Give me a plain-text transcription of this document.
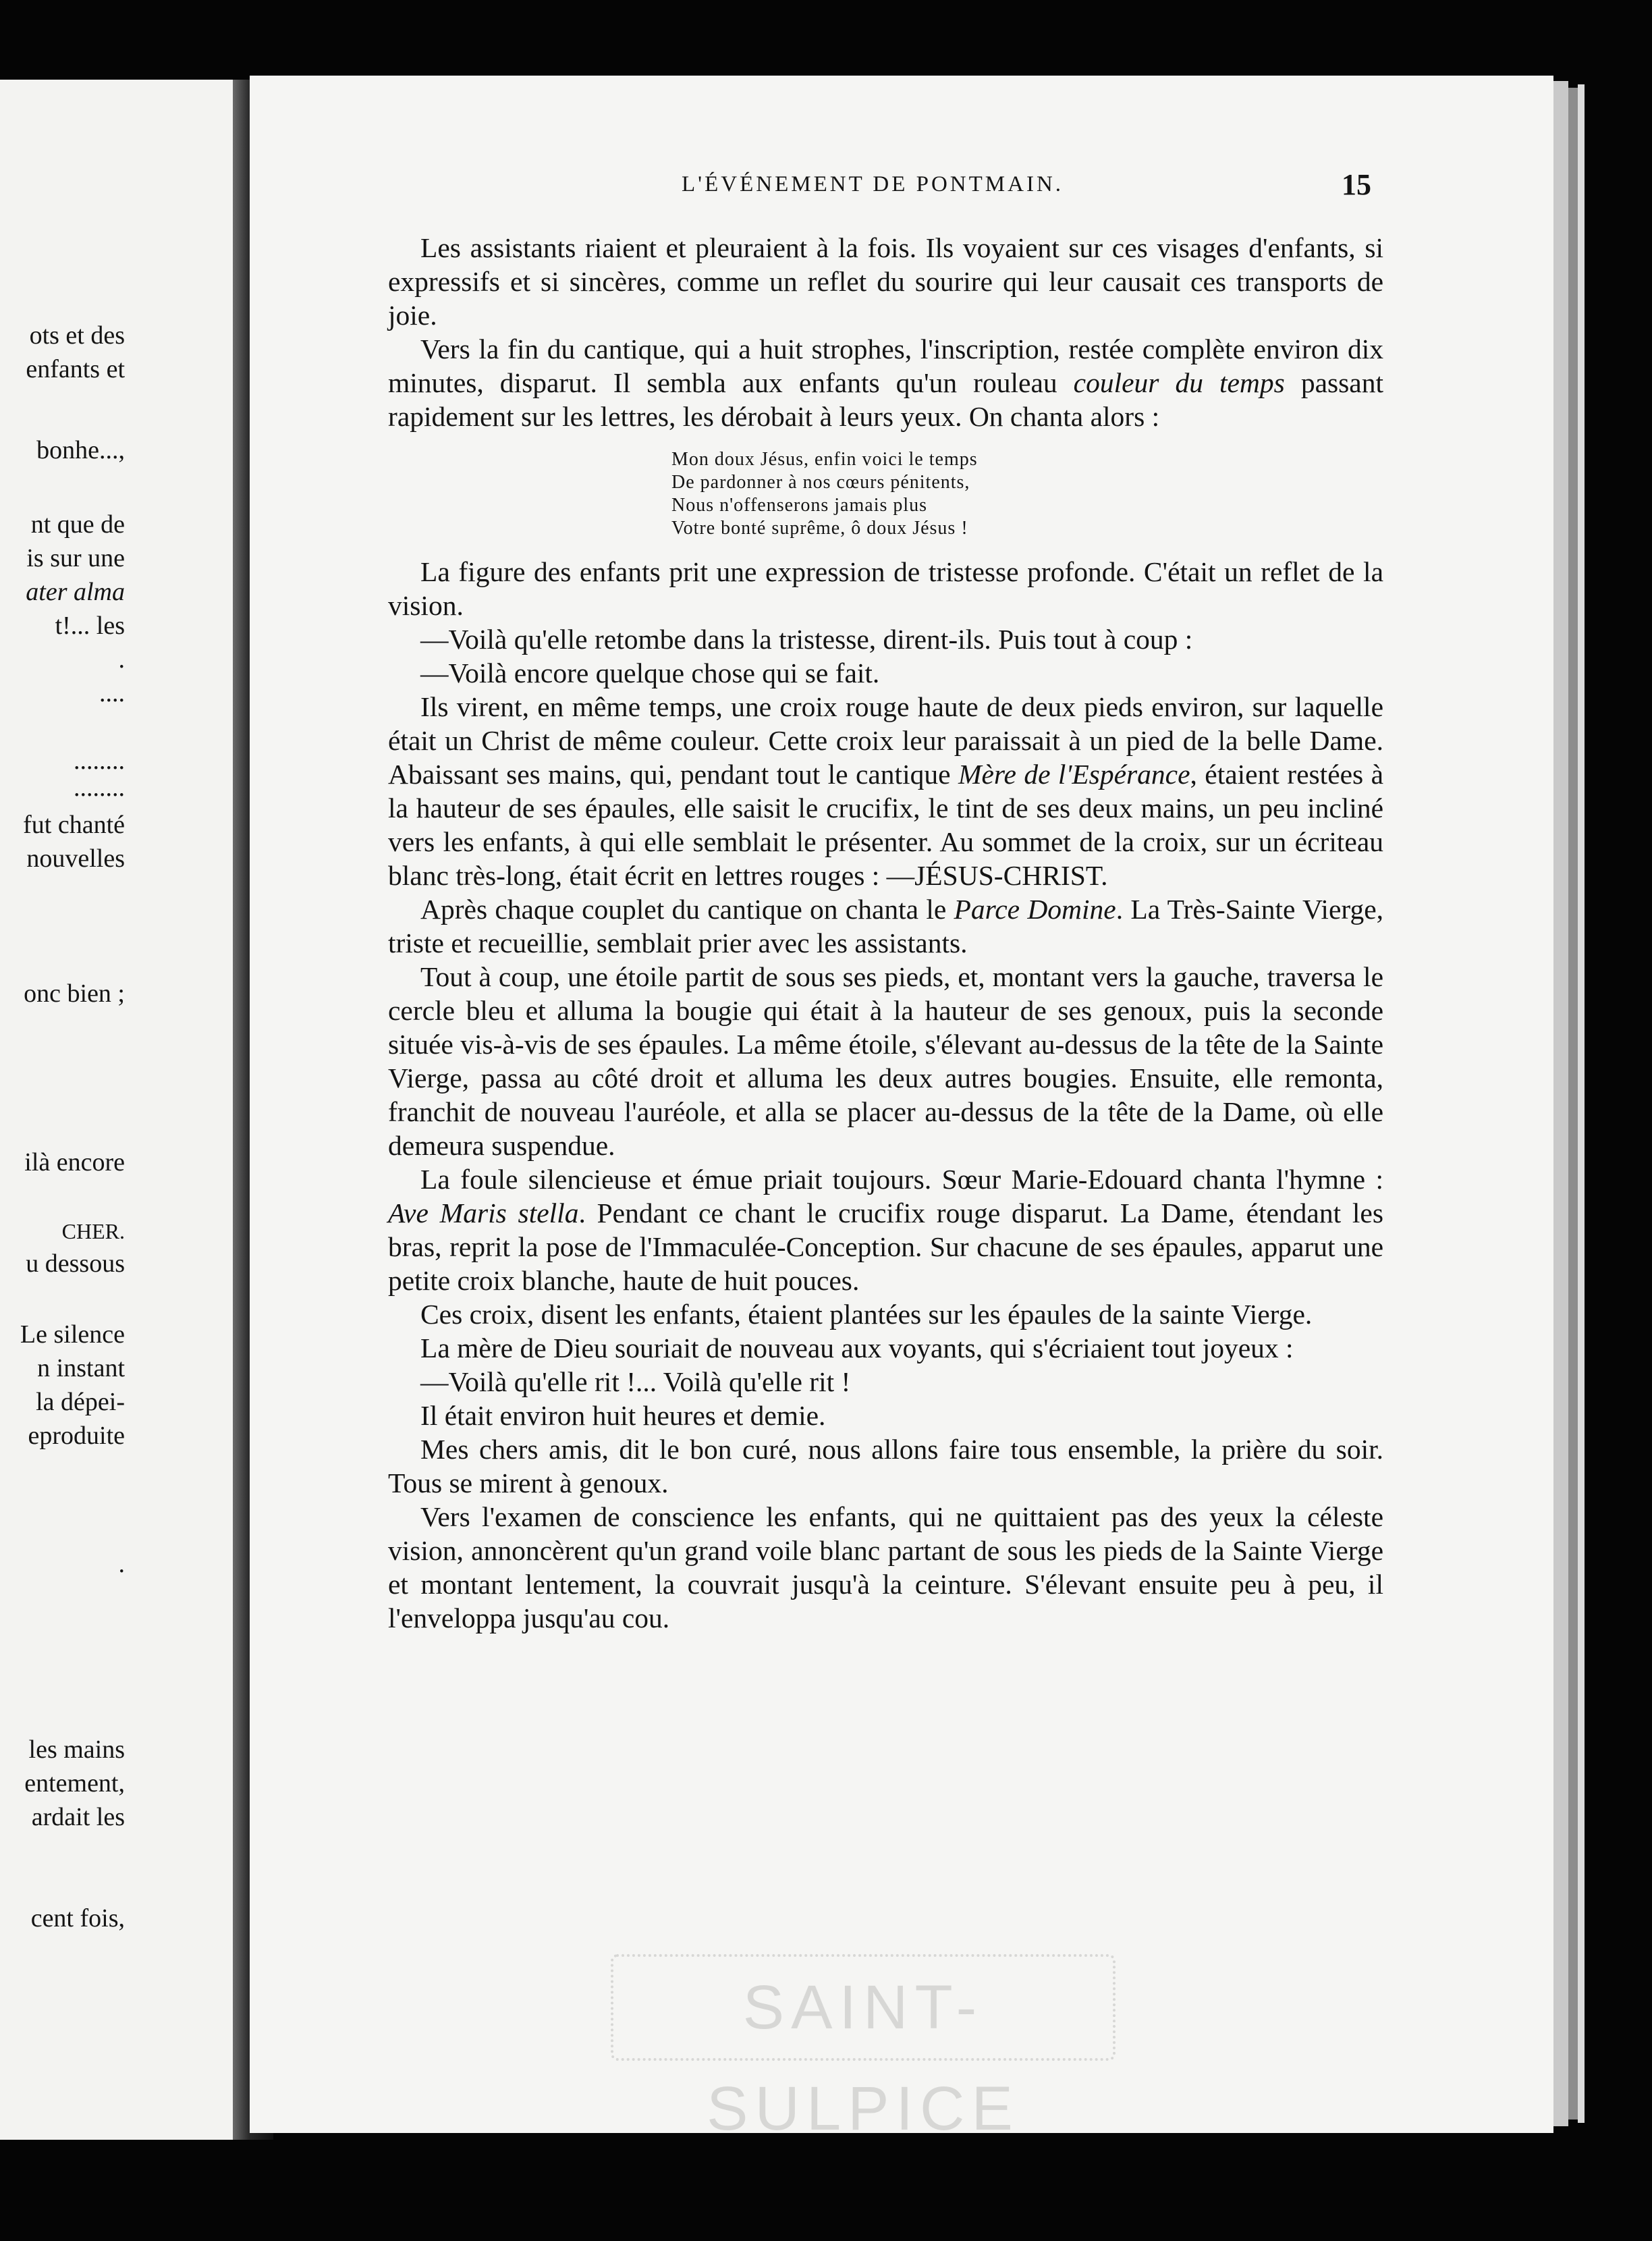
ots et des
enfants et
bonhe...,
nt que de
is sur une
ater alma
t!... les
.
....
........
........
fut chanté
nouvelles
onc bien ;
ilà encore
CHER.
u dessous
Le silence
n instant
la dépei-
eproduite
.
les mains
entement,
ardait les
cent fois,
L'ÉVÉNEMENT DE PONTMAIN.	15

Les assistants riaient et pleuraient à la fois. Ils voyaient sur ces visages d'enfants, si expressifs et si sincères, comme un reflet du sourire qui leur causait ces transports de joie.

Vers la fin du cantique, qui a huit strophes, l'inscription, restée complète environ dix minutes, disparut. Il sembla aux enfants qu'un rouleau couleur du temps passant rapidement sur les lettres, les dérobait à leurs yeux. On chanta alors :

Mon doux Jésus, enfin voici le temps
De pardonner à nos cœurs pénitents,
Nous n'offenserons jamais plus
Votre bonté suprême, ô doux Jésus !

La figure des enfants prit une expression de tristesse profonde. C'était un reflet de la vision.

—Voilà qu'elle retombe dans la tristesse, dirent-ils. Puis tout à coup :

—Voilà encore quelque chose qui se fait.

Ils virent, en même temps, une croix rouge haute de deux pieds environ, sur laquelle était un Christ de même couleur. Cette croix leur paraissait à un pied de la belle Dame. Abaissant ses mains, qui, pendant tout le cantique Mère de l'Espérance, étaient restées à la hauteur de ses épaules, elle saisit le crucifix, le tint de ses deux mains, un peu incliné vers les enfants, à qui elle semblait le présenter. Au sommet de la croix, sur un écriteau blanc très-long, était écrit en lettres rouges : —JÉSUS-CHRIST.

Après chaque couplet du cantique on chanta le Parce Domine. La Très-Sainte Vierge, triste et recueillie, semblait prier avec les assistants.

Tout à coup, une étoile partit de sous ses pieds, et, montant vers la gauche, traversa le cercle bleu et alluma la bougie qui était à la hauteur de ses genoux, puis la seconde située vis-à-vis de ses épaules. La même étoile, s'élevant au-dessus de la tête de la Sainte Vierge, passa au côté droit et alluma les deux autres bougies. Ensuite, elle remonta, franchit de nouveau l'auréole, et alla se placer au-dessus de la tête de la Dame, où elle demeura suspendue.

La foule silencieuse et émue priait toujours. Sœur Marie-Edouard chanta l'hymne : Ave Maris stella. Pendant ce chant le crucifix rouge disparut. La Dame, étendant les bras, reprit la pose de l'Immaculée-Conception. Sur chacune de ses épaules, apparut une petite croix blanche, haute de huit pouces.

Ces croix, disent les enfants, étaient plantées sur les épaules de la sainte Vierge.

La mère de Dieu souriait de nouveau aux voyants, qui s'écriaient tout joyeux :

—Voilà qu'elle rit !... Voilà qu'elle rit !

Il était environ huit heures et demie.

Mes chers amis, dit le bon curé, nous allons faire tous ensemble, la prière du soir. Tous se mirent à genoux.

Vers l'examen de conscience les enfants, qui ne quittaient pas des yeux la céleste vision, annoncèrent qu'un grand voile blanc partant de sous les pieds de la Sainte Vierge et montant lentement, la couvrait jusqu'à la ceinture. S'élevant ensuite peu à peu, il l'enveloppa jusqu'au cou.

SAINT-SULPICE
